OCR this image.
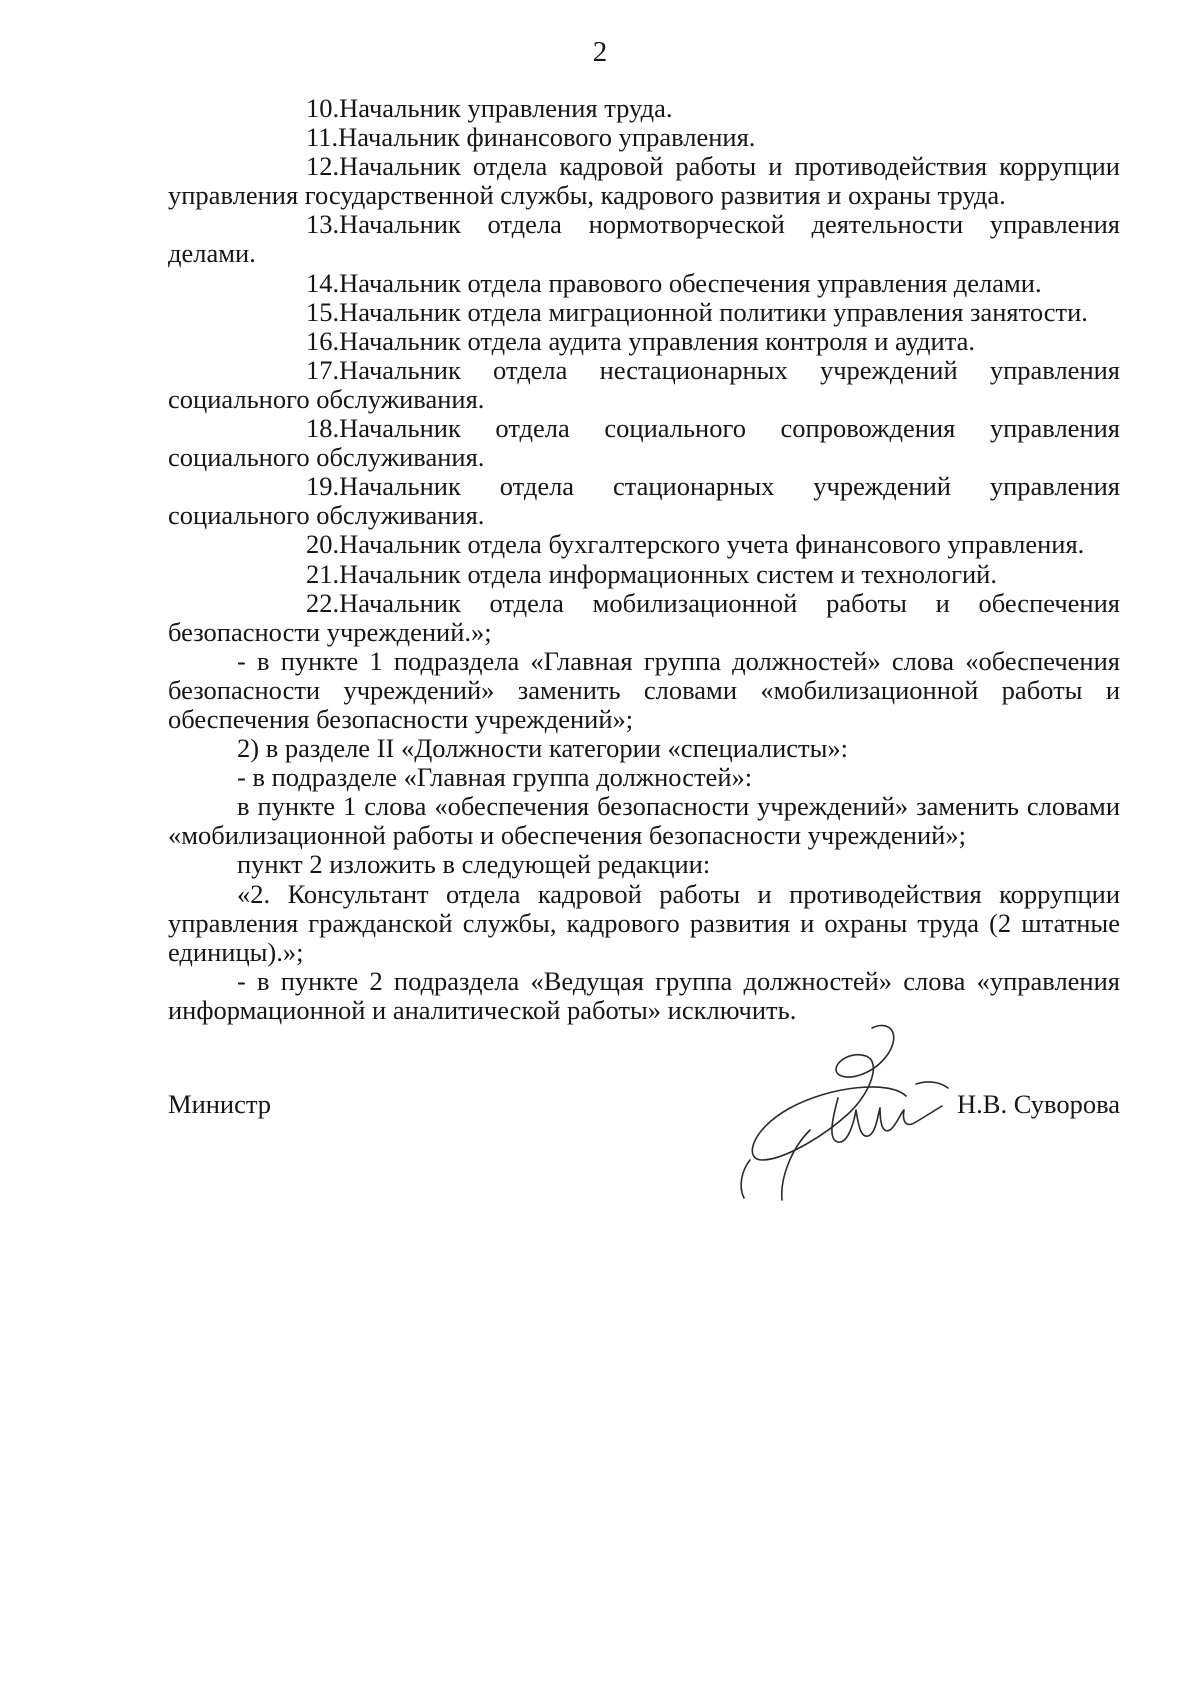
2

10.Начальник управления труда.

11.Начальник финансового управления.

12.Начальник отдела кадровой работы и противодействия коррупции управления государственной службы, кадрового развития и охраны труда.

13.Начальник отдела нормотворческой деятельности управления делами.

14.Начальник отдела правового обеспечения управления делами.

15.Начальник отдела миграционной политики управления занятости.

16.Начальник отдела аудита управления контроля и аудита.

17.Начальник отдела нестационарных учреждений управления социального обслуживания.

18.Начальник отдела социального сопровождения управления социального обслуживания.

19.Начальник отдела стационарных учреждений управления социального обслуживания.

20.Начальник отдела бухгалтерского учета финансового управления.

21.Начальник отдела информационных систем и технологий.

22.Начальник отдела мобилизационной работы и обеспечения безопасности учреждений.»;

- в пункте 1 подраздела «Главная группа должностей» слова «обеспечения безопасности учреждений» заменить словами «мобилизационной работы и обеспечения безопасности учреждений»;

2) в разделе II «Должности категории «специалисты»:

- в подразделе «Главная группа должностей»:

в пункте 1 слова «обеспечения безопасности учреждений» заменить словами «мобилизационной работы и обеспечения безопасности учреждений»;

пункт 2 изложить в следующей редакции:

«2. Консультант отдела кадровой работы и противодействия коррупции управления гражданской службы, кадрового развития и охраны труда (2 штатные единицы).»;

- в пункте 2 подраздела «Ведущая группа должностей» слова «управления информационной и аналитической работы» исключить.

Министр	Н.В. Суворова
